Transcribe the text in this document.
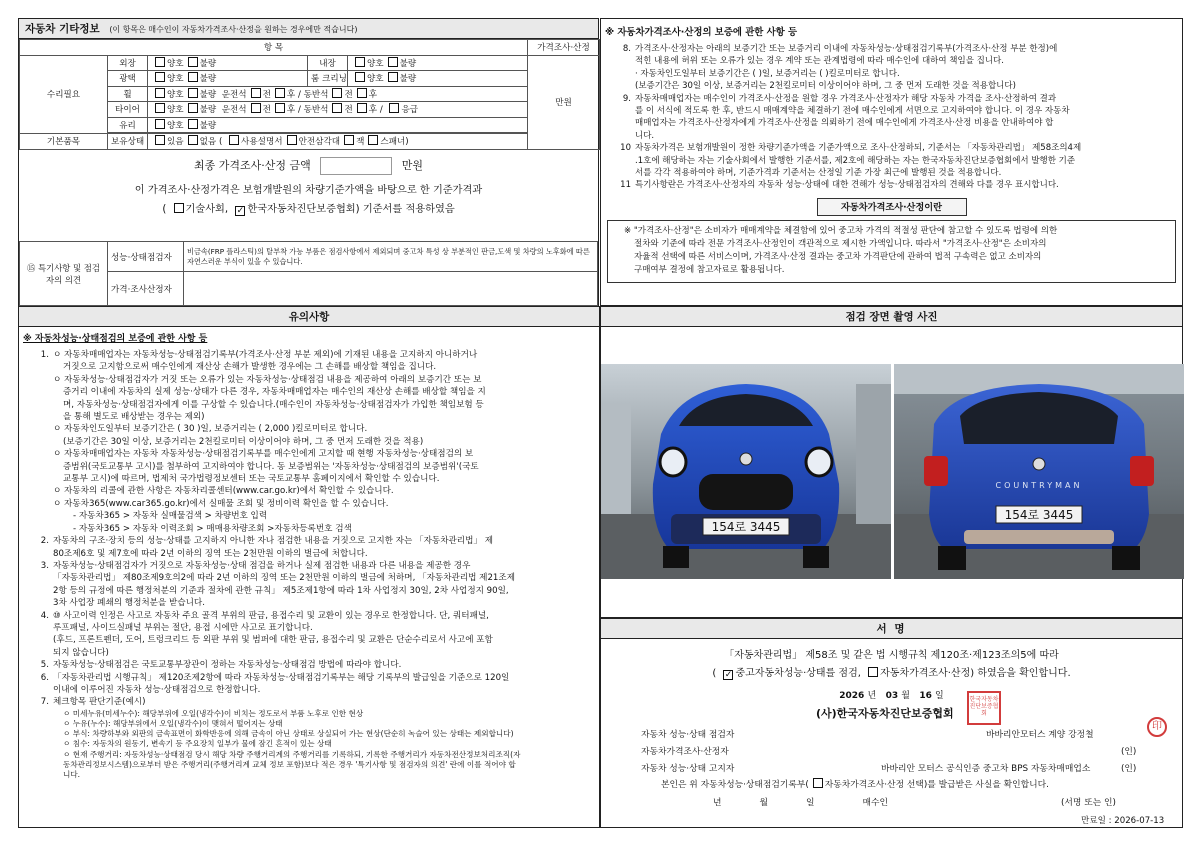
자동차 기타정보 (이 항목은 매수인이 자동차가격조사·산정을 원하는 경우에만 적습니다)
항 목					가격조사·산정
수리필요	외장	양호 불량	내장	양호 불량	만원
	광택	양호 불량	룸 크리닝	양호 불량	
	휠	양호 불량 운전석 전 후 / 동반석 전 후			
	타이어	양호 불량 운전석 전 후 / 동반석 전 후 / 응급			
	유리	양호 불량			

기본품목	보유상태	있음 없음 ( 사용설명서 안전삼각대 잭 스패너)			
최종 가격조사·산정 금액	만원
이 가격조사·산정가격은 보험개발원의 차량기준가액을 바탕으로 한 기준가격과
( 기술사회, ✓ 한국자동차진단보증협회) 기준서를 적용하였음
⑮ 특기사항 및 점검자의 의견	성능·상태점검자	비금속(FRP 플라스틱)의 탈부착 가능 부품은 점검사항에서 제외되며 중고차 특성 상 부분적인 판금,도색 및 차량의 노후화에 따른 자연스러운 부식이 있을 수 있습니다.
	가격·조사산정자	
※ 자동차가격조사·산정의 보증에 관한 사항 등

8. 가격조사·산정자는 아래의 보증기간 또는 보증거리 이내에 자동차성능·상태점검기록부(가격조사·산정 부분 한정)에

적힌 내용에 허위 또는 오류가 있는 경우 계약 또는 관계법령에 따라 매수인에 대하여 책임을 집니다.

· 자동차인도일부터 보증기간은 ( )일, 보증거리는 ( )킬로미터로 합니다.

(보증기간은 30일 이상, 보증거리는 2천킬로미터 이상이어야 하며, 그 중 먼저 도래한 것을 적용합니다)

9. 자동차매매업자는 매수인이 가격조사·산정을 원할 경우 가격조사·산정자가 해당 자동차 가격을 조사·산정하여 결과

를 이 서식에 적도록 한 후, 반드시 매매계약을 체결하기 전에 매수인에게 서면으로 고지하여야 합니다. 이 경우 자동차

매매업자는 가격조사·산정자에게 가격조사·산정을 의뢰하기 전에 매수인에게 가격조사·산정 비용을 안내하여야 합

니다.

10 자동차가격은 보험개발원이 정한 차량기준가액을 기준가액으로 조사·산정하되, 기준서는 「자동차관리법」 제58조의4제

.1호에 해당하는 자는 기술사회에서 발행한 기준서를, 제2호에 해당하는 자는 한국자동차진단보증협회에서 발행한 기준

서를 각각 적용하여야 하며, 기준가격과 기준서는 산정일 기준 가장 최근에 발행된 것을 적용합니다.

11 특기사항란은 가격조사·산정자의 자동차 성능·상태에 대한 견해가 성능·상태점검자의 견해와 다를 경우 표시합니다.

자동차가격조사·산정이란

※ "가격조사·산정"은 소비자가 매매계약을 체결함에 있어 중고차 가격의 적절성 판단에 참고할 수 있도록 법령에 의한

절차와 기준에 따라 전문 가격조사·산정인이 객관적으로 제시한 가액입니다. 따라서 "가격조사·산정"은 소비자의

자율적 선택에 따른 서비스이며, 가격조사·산정 결과는 중고차 가격판단에 관하여 법적 구속력은 없고 소비자의

구매여부 결정에 참고자료로 활용됩니다.

유의사항
※ 자동차성능·상태점검의 보증에 관한 사항 등

1. ㅇ 자동차매매업자는 자동차성능·상태점검기록부(가격조사·산정 부분 제외)에 기재된 내용을 고지하지 아니하거나

거짓으로 고지함으로써 매수인에게 재산상 손해가 발생한 경우에는 그 손해를 배상할 책임을 집니다.

ㅇ 자동차성능·상태점검자가 거짓 또는 오류가 있는 자동차성능·상태점검 내용을 제공하여 아래의 보증기간 또는 보

증거리 이내에 자동차의 실제 성능·상태가 다른 경우, 자동차매매업자는 매수인의 재산상 손해를 배상할 책임을 지

며, 자동차성능·상태점검자에게 이를 구상할 수 있습니다.(매수인이 자동차성능·상태점검자가 가입한 책임보험 등

을 통해 별도로 배상받는 경우는 제외)

ㅇ 자동차인도일부터 보증기간은 ( 30 )일, 보증거리는 ( 2,000 )킬로미터로 합니다.

(보증기간은 30일 이상, 보증거리는 2천킬로미터 이상이어야 하며, 그 중 먼저 도래한 것을 적용)

ㅇ 자동차매매업자는 자동차 자동차성능·상태점검기록부를 매수인에게 고지할 때 현행 자동차성능·상태점검의 보

증범위(국토교통부 고시)를 첨부하여 고지하여야 합니다. 동 보증범위는 '자동차성능·상태점검의 보증범위'(국토

교통부 고시)에 따르며, 법제처 국가법령정보센터 또는 국토교통부 홈페이지에서 확인할 수 있습니다.

ㅇ 자동차의 리콜에 관한 사항은 자동차리콜센터(www.car.go.kr)에서 확인할 수 있습니다.

ㅇ 자동차365(www.car365.go.kr)에서 실매물 조회 및 정비이력 확인을 할 수 있습니다.

- 자동차365 > 자동차 실매물검색 > 차량번호 입력

- 자동차365 > 자동차 이력조회 > 매매용차량조회 >자동차등록번호 검색

2. 자동차의 구조·장치 등의 성능·상태를 고지하지 아니한 자나 점검한 내용을 거짓으로 고지한 자는 「자동차관리법」 제

80조제6호 및 제7호에 따라 2년 이하의 징역 또는 2천만원 이하의 벌금에 처합니다.

3. 자동차성능·상태점검자가 거짓으로 자동차성능·상태 점검을 하거나 실제 점검한 내용과 다른 내용을 제공한 경우

「자동차관리법」 제80조제9호의2에 따라 2년 이하의 징역 또는 2천만원 이하의 벌금에 처하며, 「자동차관리법 제21조제

2항 등의 규정에 따른 행정처분의 기준과 절차에 관한 규칙」 제5조제1항에 따라 1차 사업정지 30일, 2차 사업정지 90일,

3차 사업장 폐쇄의 행정처분을 받습니다.

4. ⑩ 사고이력 인정은 사고로 자동차 주요 골격 부위의 판금, 용접수리 및 교환이 있는 경우로 한정합니다. 단, 쿼터패널,

루프패널, 사이드실패널 부위는 절단, 용접 시에만 사고로 표기합니다.

(후드, 프론트펜더, 도어, 트렁크리드 등 외판 부위 및 범퍼에 대한 판금, 용접수리 및 교환은 단순수리로서 사고에 포함

되지 않습니다)

5. 자동차성능·상태점검은 국토교통부장관이 정하는 자동차성능·상태점검 방법에 따라야 합니다.

6. 「자동차관리법 시행규칙」 제120조제2항에 따라 자동차성능·상태점검기록부는 해당 기록부의 발급일을 기준으로 120일

이내에 이루어진 자동차 성능·상태점검으로 한정합니다.

7. 체크항목 판단기준(예시)

ㅇ 미세누유(미세누수): 해당부위에 오일(냉각수)이 비치는 정도로서 부품 노후로 인한 현상

ㅇ 누유(누수): 해당부위에서 오일(냉각수)이 맺혀서 떨어지는 상태

ㅇ 부식: 차량하부와 외판의 금속표면이 화학반응에 의해 금속이 아닌 상태로 상실되어 가는 현상(단순히 녹슬어 있는 상태는 제외합니다)

ㅇ 침수: 자동차의 원동기, 변속기 등 주요장치 일부가 물에 잠긴 흔적이 있는 상태

ㅇ 현재 주행거리: 자동차성능·상태점검 당시 해당 차량 주행거리계의 주행거리를 기록하되, 기록한 주행거리가 자동차전산정보처리조직(자

동차관리정보시스템)으로부터 받은 주행거리(주행거리계 교체 정보 포함)보다 적은 경우 '특기사항 및 점검자의 의견' 란에 이를 적어야 합

니다.

점검 장면 촬영 사진
154로 3445
COUNTRYMAN
154로 3445
서 명
「자동차관리법」 제58조 및 같은 법 시행규칙 제120조·제123조의5에 따라
( ✓ 중고자동차성능·상태를 점검, 자동차가격조사·산정) 하였음을 확인합니다.
2026 년 03 월 16 일
(사)한국자동차진단보증협회
한국자동차진단보증협회
印
자동차 성능·상태 점검자	바바리안모터스 계양 강정철
자동차가격조사·산정자	(인)
자동차 성능·상태 고지자	바바리안 모터스 공식인증 중고차 BPS 자동차매매업소	(인)
본인은 위 자동차성능·상태점검기록부( 자동차가격조사·산정 선택)를 발급받은 사실을 확인합니다.
년	월	일	매수인	(서명 또는 인)
만료일 : 2026-07-13
